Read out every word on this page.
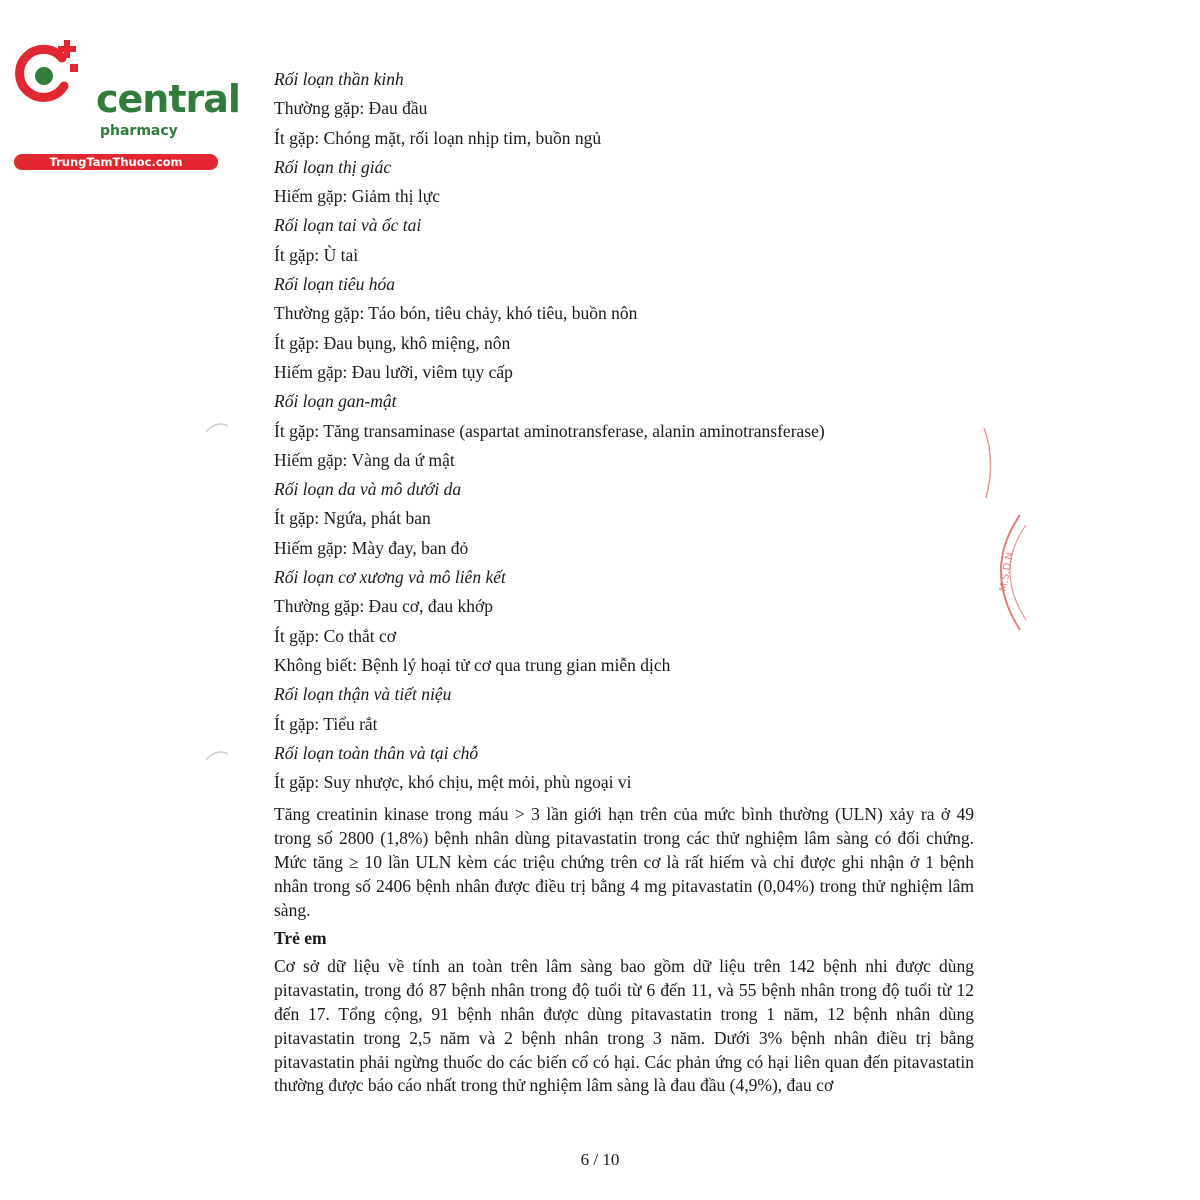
central
pharmacy
TrungTamThuoc.com
Rối loạn thần kinh
Thường gặp: Đau đầu
Ít gặp: Chóng mặt, rối loạn nhịp tim, buồn ngủ
Rối loạn thị giác
Hiếm gặp: Giảm thị lực
Rối loạn tai và ốc tai
Ít gặp: Ù tai
Rối loạn tiêu hóa
Thường gặp: Táo bón, tiêu chảy, khó tiêu, buồn nôn
Ít gặp: Đau bụng, khô miệng, nôn
Hiếm gặp: Đau lưỡi, viêm tụy cấp
Rối loạn gan-mật
Ít gặp: Tăng transaminase (aspartat aminotransferase, alanin aminotransferase)
Hiếm gặp: Vàng da ứ mật
Rối loạn da và mô dưới da
Ít gặp: Ngứa, phát ban
Hiếm gặp: Mày đay, ban đỏ
Rối loạn cơ xương và mô liên kết
Thường gặp: Đau cơ, đau khớp
Ít gặp: Co thắt cơ
Không biết: Bệnh lý hoại tử cơ qua trung gian miễn dịch
Rối loạn thận và tiết niệu
Ít gặp: Tiểu rắt
Rối loạn toàn thân và tại chỗ
Ít gặp: Suy nhược, khó chịu, mệt mỏi, phù ngoại vi
Tăng creatinin kinase trong máu > 3 lần giới hạn trên của mức bình thường (ULN) xảy ra ở 49 trong số 2800 (1,8%) bệnh nhân dùng pitavastatin trong các thử nghiệm lâm sàng có đối chứng. Mức tăng ≥ 10 lần ULN kèm các triệu chứng trên cơ là rất hiếm và chỉ được ghi nhận ở 1 bệnh nhân trong số 2406 bệnh nhân được điều trị bằng 4 mg pitavastatin (0,04%) trong thử nghiệm lâm sàng.
Trẻ em
Cơ sở dữ liệu về tính an toàn trên lâm sàng bao gồm dữ liệu trên 142 bệnh nhi được dùng pitavastatin, trong đó 87 bệnh nhân trong độ tuổi từ 6 đến 11, và 55 bệnh nhân trong độ tuổi từ 12 đến 17. Tổng cộng, 91 bệnh nhân được dùng pitavastatin trong 1 năm, 12 bệnh nhân dùng pitavastatin trong 2,5 năm và 2 bệnh nhân trong 3 năm. Dưới 3% bệnh nhân điều trị bằng pitavastatin phải ngừng thuốc do các biến cố có hại. Các phản ứng có hại liên quan đến pitavastatin thường được báo cáo nhất trong thử nghiệm lâm sàng là đau đầu (4,9%), đau cơ
6 / 10
M.S.D.N
